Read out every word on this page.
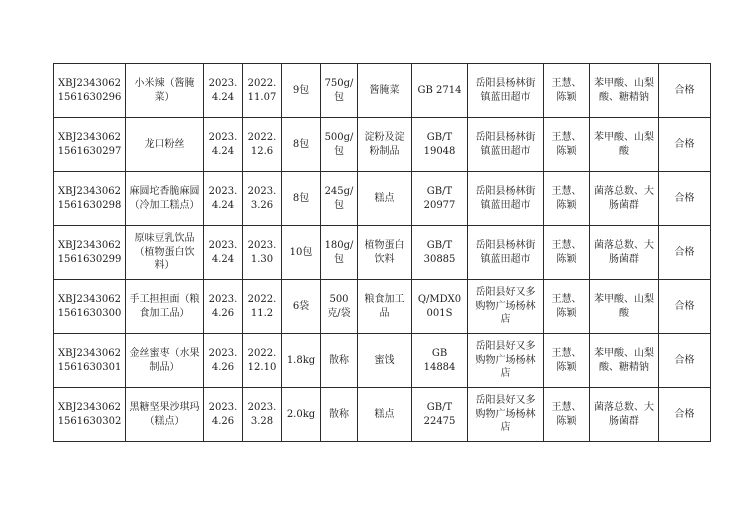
XBJ23430621561630296	小米辣（酱腌菜）	2023.4.24	2022.11.07	9包	750g/包	酱腌菜	GB 2714	岳阳县杨林街镇蓝田超市	王慧、陈颖	苯甲酸、山梨酸、糖精钠	合格
XBJ23430621561630297	龙口粉丝	2023.4.24	2022.12.6	8包	500g/包	淀粉及淀粉制品	GB/T 19048	岳阳县杨林街镇蓝田超市	王慧、陈颖	苯甲酸、山梨酸	合格
XBJ23430621561630298	麻圆坨香脆麻圆（冷加工糕点）	2023.4.24	2023.3.26	8包	245g/包	糕点	GB/T 20977	岳阳县杨林街镇蓝田超市	王慧、陈颖	菌落总数、大肠菌群	合格
XBJ23430621561630299	原味豆乳饮品（植物蛋白饮料）	2023.4.24	2023.1.30	10包	180g/包	植物蛋白饮料	GB/T 30885	岳阳县杨林街镇蓝田超市	王慧、陈颖	菌落总数、大肠菌群	合格
XBJ23430621561630300	手工担担面（粮食加工品）	2023.4.26	2022.11.2	6袋	500克/袋	粮食加工品	Q/MDX0001S	岳阳县好又多购物广场杨林店	王慧、陈颖	苯甲酸、山梨酸	合格
XBJ23430621561630301	金丝蜜枣（水果制品）	2023.4.26	2022.12.10	1.8kg	散称	蜜饯	GB 14884	岳阳县好又多购物广场杨林店	王慧、陈颖	苯甲酸、山梨酸、糖精钠	合格
XBJ23430621561630302	黑糖坚果沙琪玛（糕点）	2023.4.26	2023.3.28	2.0kg	散称	糕点	GB/T 22475	岳阳县好又多购物广场杨林店	王慧、陈颖	菌落总数、大肠菌群	合格
